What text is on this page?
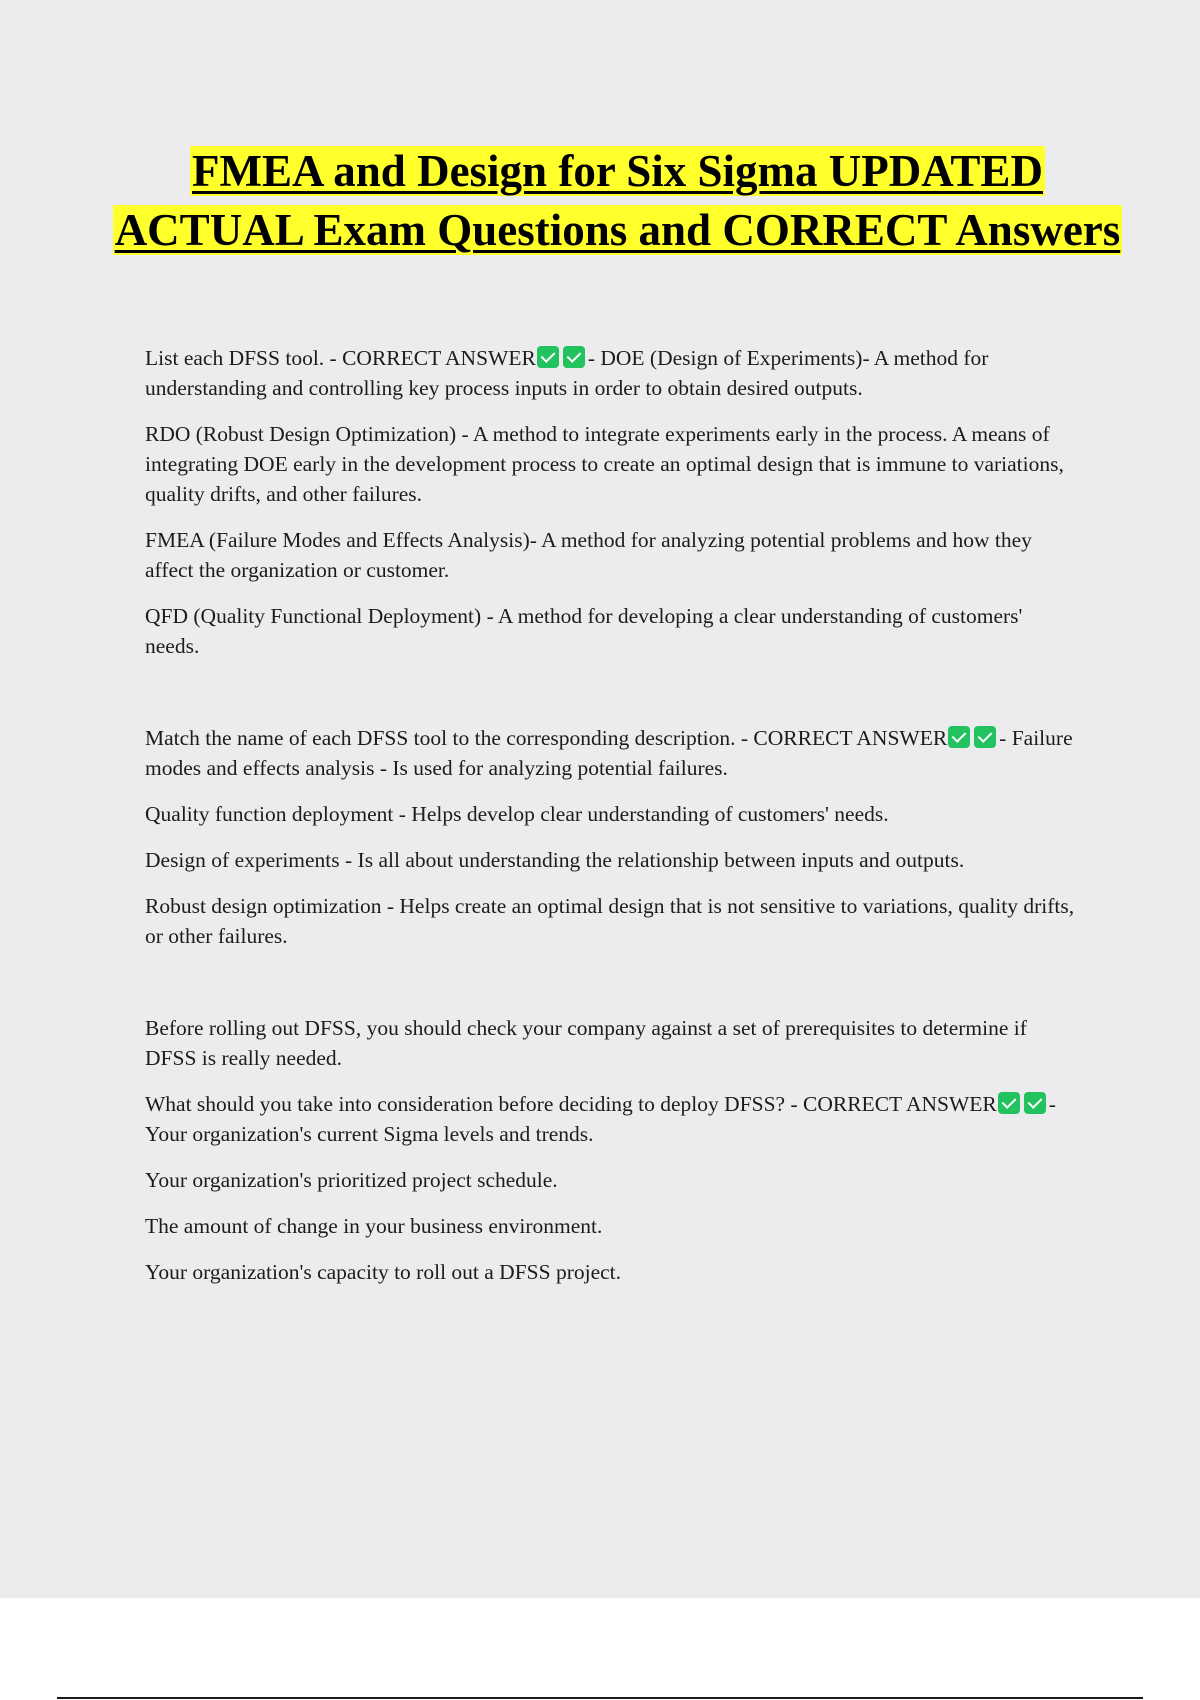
FMEA and Design for Six Sigma UPDATED ACTUAL Exam Questions and CORRECT Answers

List each DFSS tool. - CORRECT ANSWER - DOE (Design of Experiments)- A method for understanding and controlling key process inputs in order to obtain desired outputs.

RDO (Robust Design Optimization) - A method to integrate experiments early in the process. A means of integrating DOE early in the development process to create an optimal design that is immune to variations, quality drifts, and other failures.

FMEA (Failure Modes and Effects Analysis)- A method for analyzing potential problems and how they affect the organization or customer.

QFD (Quality Functional Deployment) - A method for developing a clear understanding of customers' needs.

Match the name of each DFSS tool to the corresponding description. - CORRECT ANSWER - Failure modes and effects analysis - Is used for analyzing potential failures.

Quality function deployment - Helps develop clear understanding of customers' needs.

Design of experiments - Is all about understanding the relationship between inputs and outputs.

Robust design optimization - Helps create an optimal design that is not sensitive to variations, quality drifts, or other failures.

Before rolling out DFSS, you should check your company against a set of prerequisites to determine if DFSS is really needed.

What should you take into consideration before deciding to deploy DFSS? - CORRECT ANSWER - Your organization's current Sigma levels and trends.

Your organization's prioritized project schedule.

The amount of change in your business environment.

Your organization's capacity to roll out a DFSS project.
